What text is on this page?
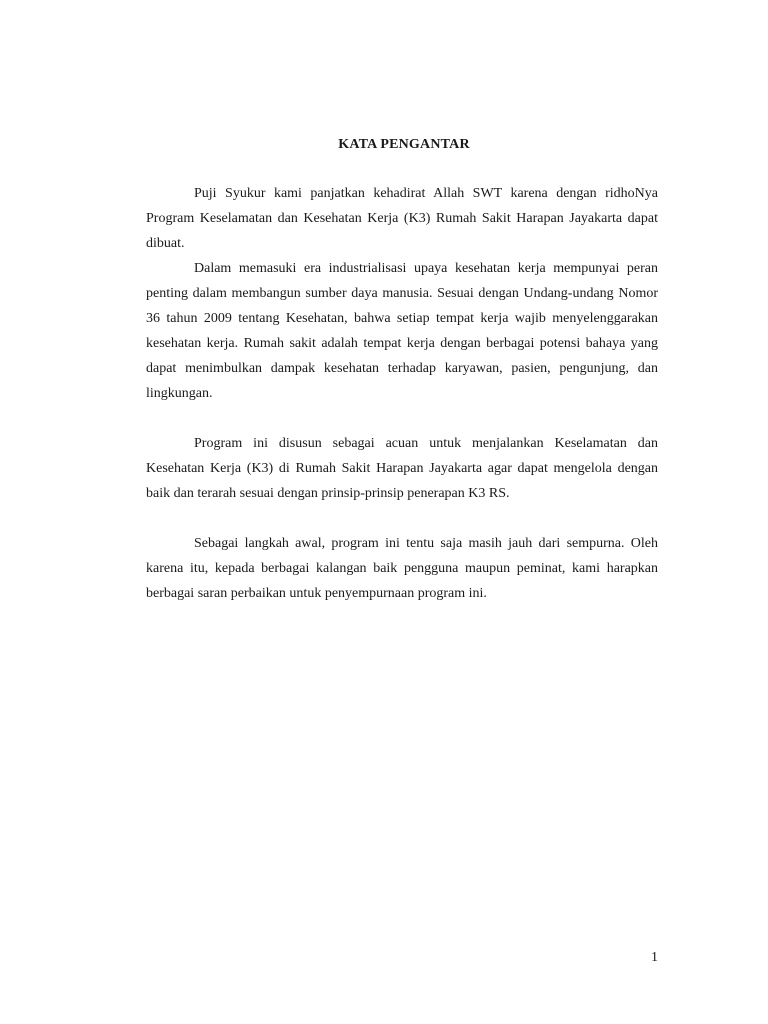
KATA PENGANTAR

Puji Syukur kami panjatkan kehadirat Allah SWT karena dengan ridhoNya Program Keselamatan dan Kesehatan Kerja (K3) Rumah Sakit Harapan Jayakarta dapat dibuat.

Dalam memasuki era industrialisasi upaya kesehatan kerja mempunyai peran penting dalam membangun sumber daya manusia. Sesuai dengan Undang-undang Nomor 36 tahun 2009 tentang Kesehatan, bahwa setiap tempat kerja wajib menyelenggarakan kesehatan kerja. Rumah sakit adalah tempat kerja dengan berbagai potensi bahaya yang dapat menimbulkan dampak kesehatan terhadap karyawan, pasien, pengunjung, dan lingkungan.

Program ini disusun sebagai acuan untuk menjalankan Keselamatan dan Kesehatan Kerja (K3) di Rumah Sakit Harapan Jayakarta agar dapat mengelola dengan baik dan terarah sesuai dengan prinsip-prinsip penerapan K3 RS.

Sebagai langkah awal, program ini tentu saja masih jauh dari sempurna. Oleh karena itu, kepada berbagai kalangan baik pengguna maupun peminat, kami harapkan berbagai saran perbaikan untuk penyempurnaan program ini.

1
